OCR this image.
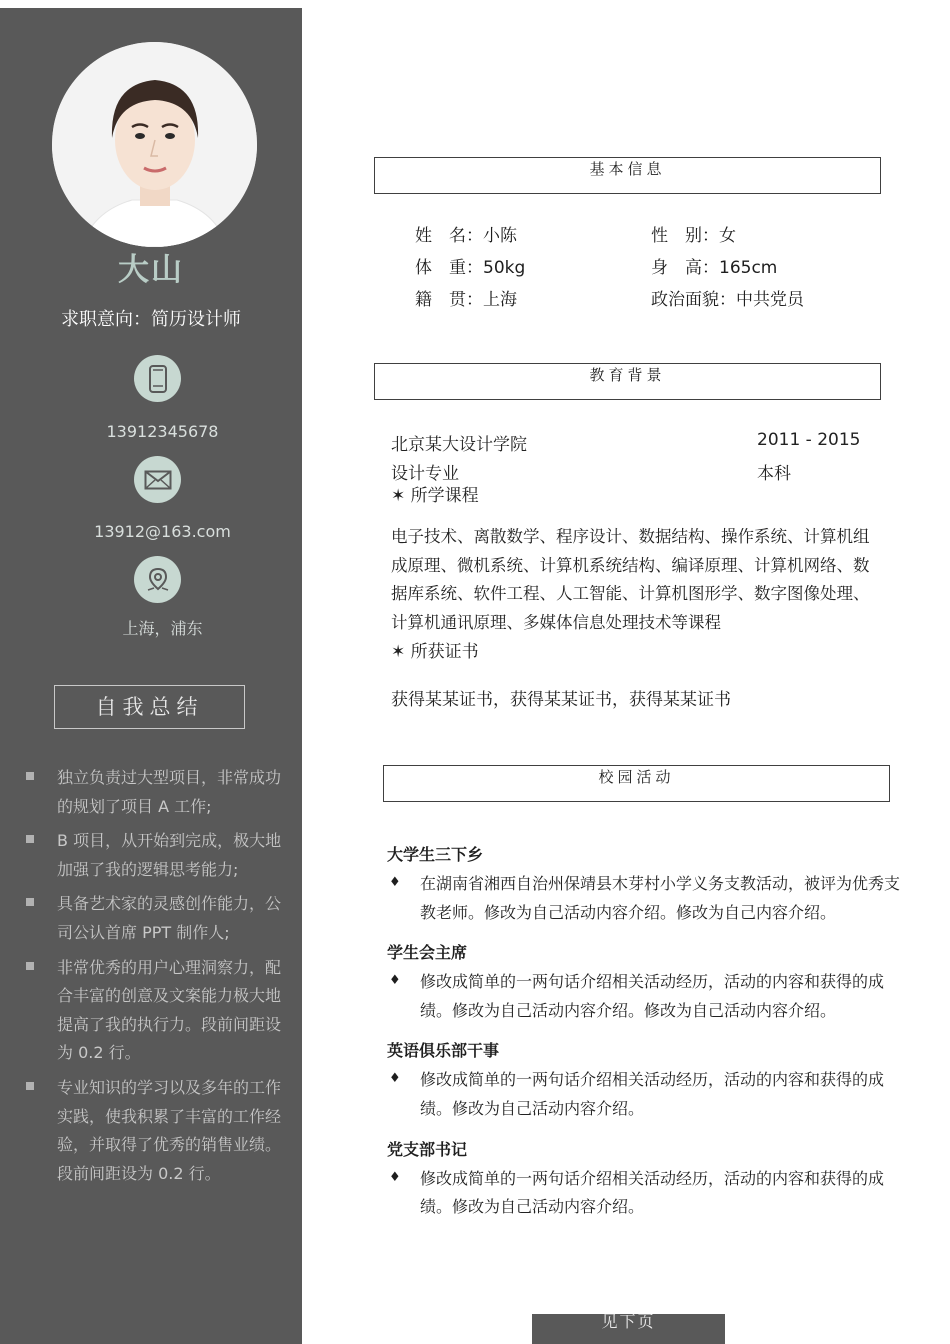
大山
求职意向：简历设计师
13912345678
13912@163.com
上海，浦东
自我总结
独立负责过大型项目，非常成功的规划了项目 A 工作;
B 项目，从开始到完成，极大地加强了我的逻辑思考能力;
具备艺术家的灵感创作能力，公司公认首席 PPT 制作人;
非常优秀的用户心理洞察力，配合丰富的创意及文案能力极大地提高了我的执行力。段前间距设为 0.2 行。
专业知识的学习以及多年的工作实践，使我积累了丰富的工作经验，并取得了优秀的销售业绩。段前间距设为 0.2 行。
基本信息
姓　名：小陈	性　别：女
体　重：50kg	身　高：165cm
籍　贯：上海	政治面貌：中共党员
教育背景
北京某大设计学院	2011 - 2015
设计专业	本科
✶ 所学课程
电子技术、离散数学、程序设计、数据结构、操作系统、计算机组成原理、微机系统、计算机系统结构、编译原理、计算机网络、数据库系统、软件工程、人工智能、计算机图形学、数字图像处理、计算机通讯原理、多媒体信息处理技术等课程
✶ 所获证书
获得某某证书，获得某某证书，获得某某证书
校园活动
大学生三下乡
♦ 在湖南省湘西自治州保靖县木芽村小学义务支教活动，被评为优秀支教老师。修改为自己活动内容介绍。修改为自己内容介绍。
学生会主席
♦ 修改成简单的一两句话介绍相关活动经历，活动的内容和获得的成绩。修改为自己活动内容介绍。修改为自己活动内容介绍。
英语俱乐部干事
♦ 修改成简单的一两句话介绍相关活动经历，活动的内容和获得的成绩。修改为自己活动内容介绍。
党支部书记
♦ 修改成简单的一两句话介绍相关活动经历，活动的内容和获得的成绩。修改为自己活动内容介绍。
见下页
